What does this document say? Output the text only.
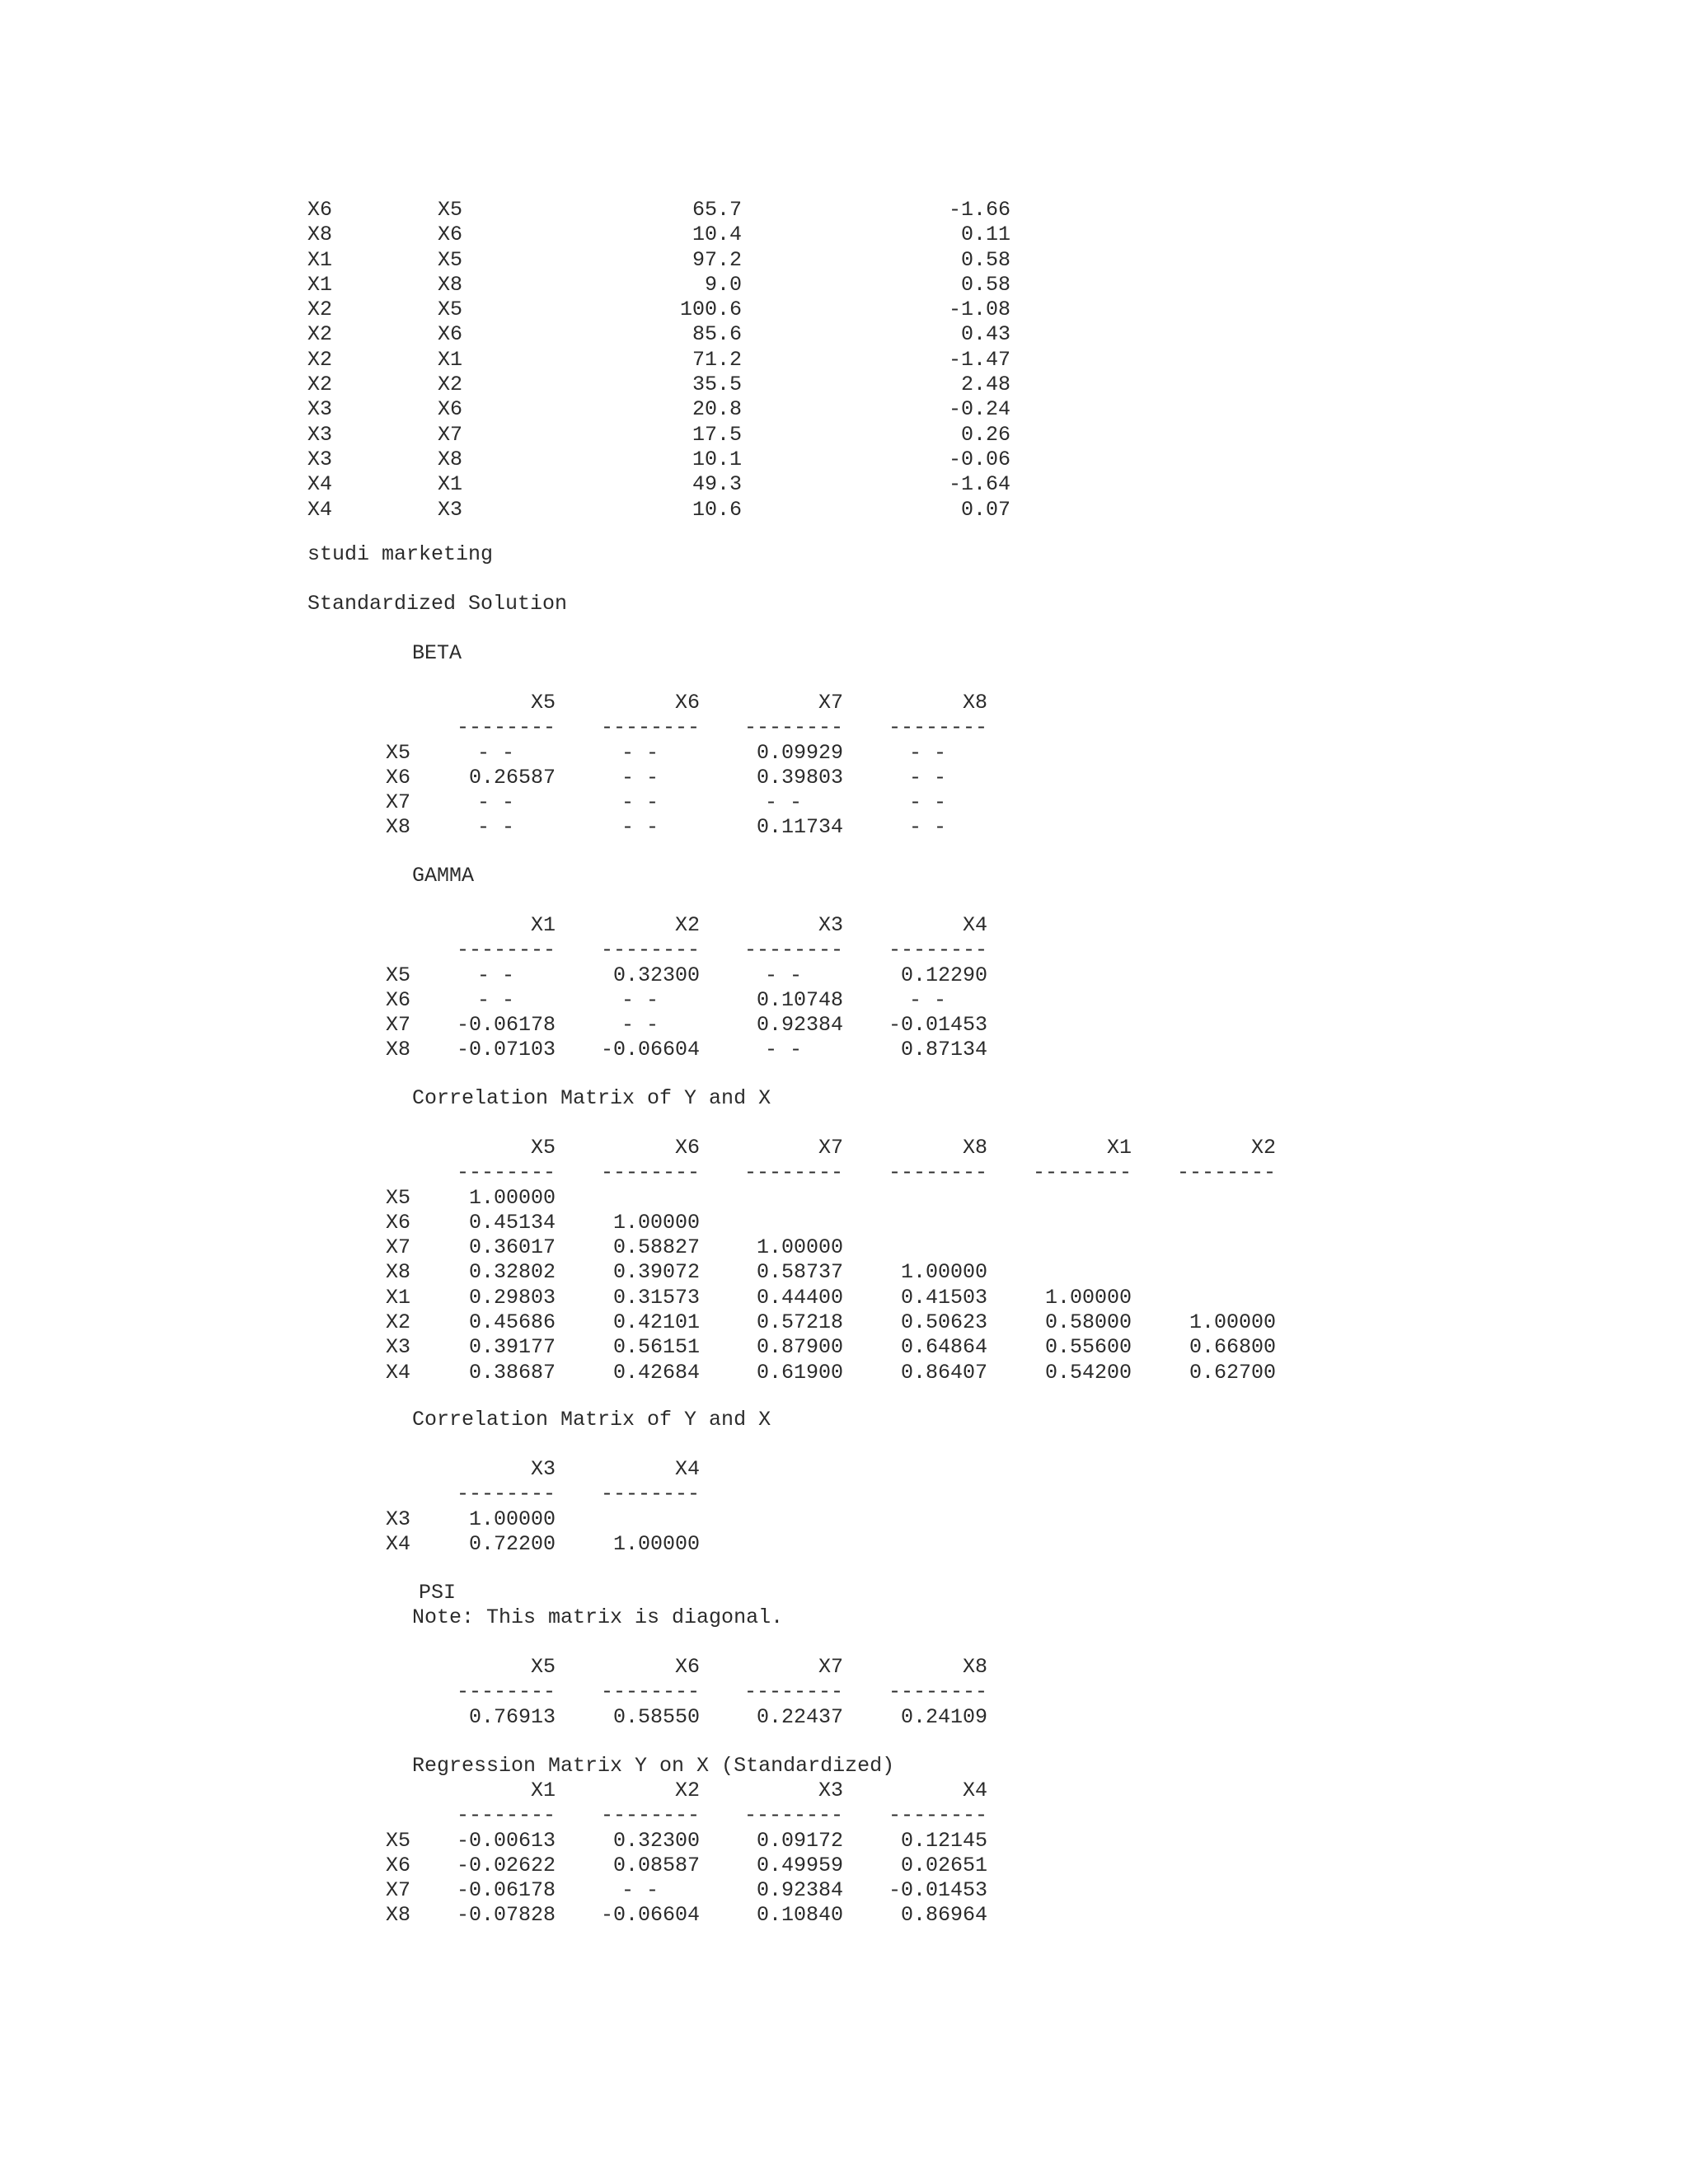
X6	X5	65.7	-1.66
X8	X6	10.4	0.11
X1	X5	97.2	0.58
X1	X8	9.0	0.58
X2	X5	100.6	-1.08
X2	X6	85.6	0.43
X2	X1	71.2	-1.47
X2	X2	35.5	2.48
X3	X6	20.8	-0.24
X3	X7	17.5	0.26
X3	X8	10.1	-0.06
X4	X1	49.3	-1.64
X4	X3	10.6	0.07
studi marketing
Standardized Solution
BETA
X5	X6	X7	X8
--------	--------	--------	--------
X5	- -	- -	0.09929	- -
X6	0.26587	- -	0.39803	- -
X7	- -	- -	- -	- -
X8	- -	- -	0.11734	- -
GAMMA
X1	X2	X3	X4
--------	--------	--------	--------
X5	- -	0.32300	- -	0.12290
X6	- -	- -	0.10748	- -
X7	-0.06178	- -	0.92384	-0.01453
X8	-0.07103	-0.06604	- -	0.87134
Correlation Matrix of Y and X
X5	X6	X7	X8	X1	X2
--------	--------	--------	--------	--------	--------
X5	1.00000
X6	0.45134	1.00000
X7	0.36017	0.58827	1.00000
X8	0.32802	0.39072	0.58737	1.00000
X1	0.29803	0.31573	0.44400	0.41503	1.00000
X2	0.45686	0.42101	0.57218	0.50623	0.58000	1.00000
X3	0.39177	0.56151	0.87900	0.64864	0.55600	0.66800
X4	0.38687	0.42684	0.61900	0.86407	0.54200	0.62700
Correlation Matrix of Y and X
X3	X4
--------	--------
X3	1.00000
X4	0.72200	1.00000
PSI
Note: This matrix is diagonal.
X5	X6	X7	X8
--------	--------	--------	--------
0.76913	0.58550	0.22437	0.24109
Regression Matrix Y on X (Standardized)
X1	X2	X3	X4
--------	--------	--------	--------
X5	-0.00613	0.32300	0.09172	0.12145
X6	-0.02622	0.08587	0.49959	0.02651
X7	-0.06178	- -	0.92384	-0.01453
X8	-0.07828	-0.06604	0.10840	0.86964
